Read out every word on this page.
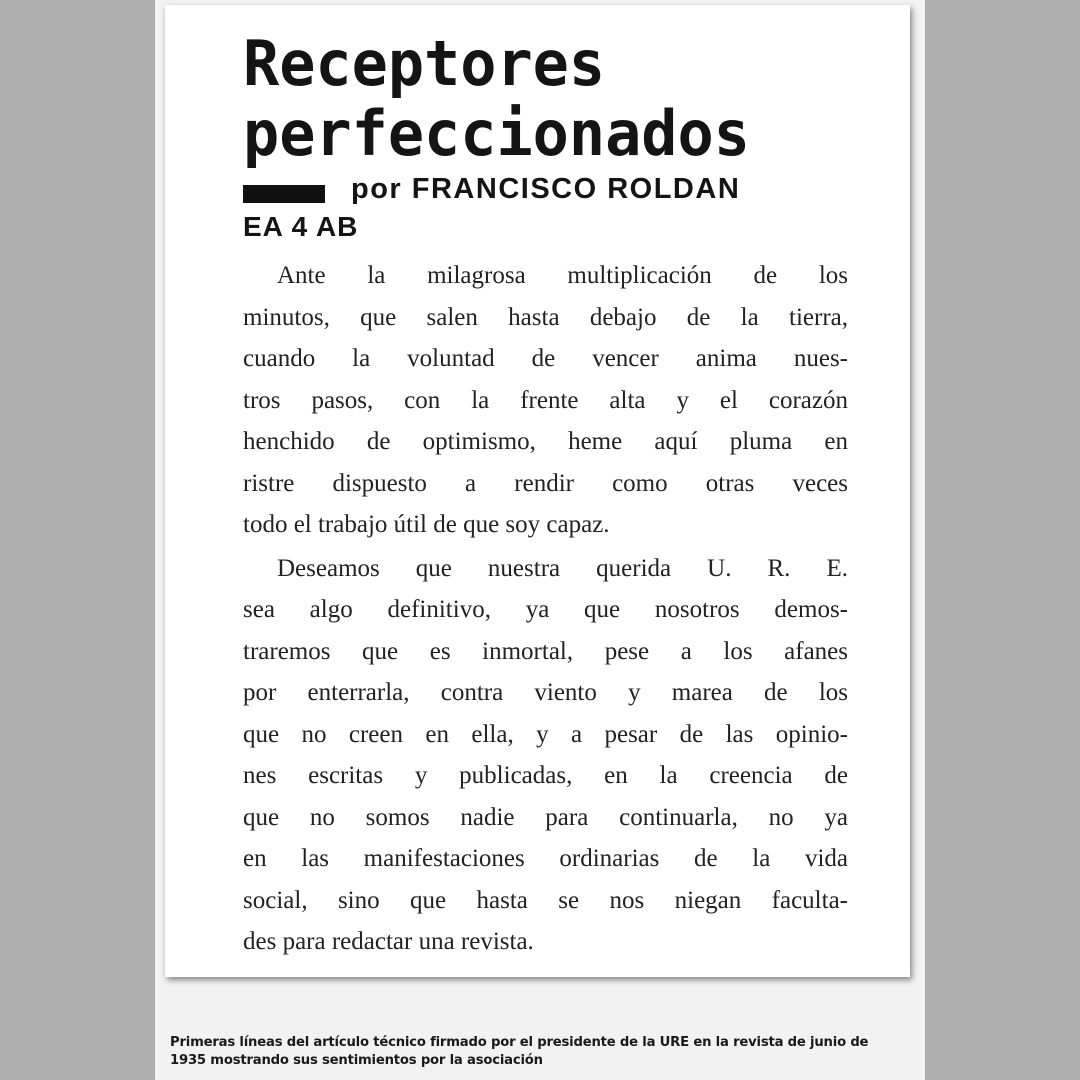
Receptores
perfeccionados
por FRANCISCO ROLDAN
EA 4 AB
Ante la milagrosa multiplicación de los
minutos, que salen hasta debajo de la tierra,
cuando la voluntad de vencer anima nues-
tros pasos, con la frente alta y el corazón
henchido de optimismo, heme aquí pluma en
ristre dispuesto a rendir como otras veces
todo el trabajo útil de que soy capaz.
Deseamos que nuestra querida U. R. E.
sea algo definitivo, ya que nosotros demos-
traremos que es inmortal, pese a los afanes
por enterrarla, contra viento y marea de los
que no creen en ella, y a pesar de las opinio-
nes escritas y publicadas, en la creencia de
que no somos nadie para continuarla, no ya
en las manifestaciones ordinarias de la vida
social, sino que hasta se nos niegan faculta-
des para redactar una revista.
Primeras líneas del artículo técnico firmado por el presidente de la URE en la revista de junio de
1935 mostrando sus sentimientos por la asociación
